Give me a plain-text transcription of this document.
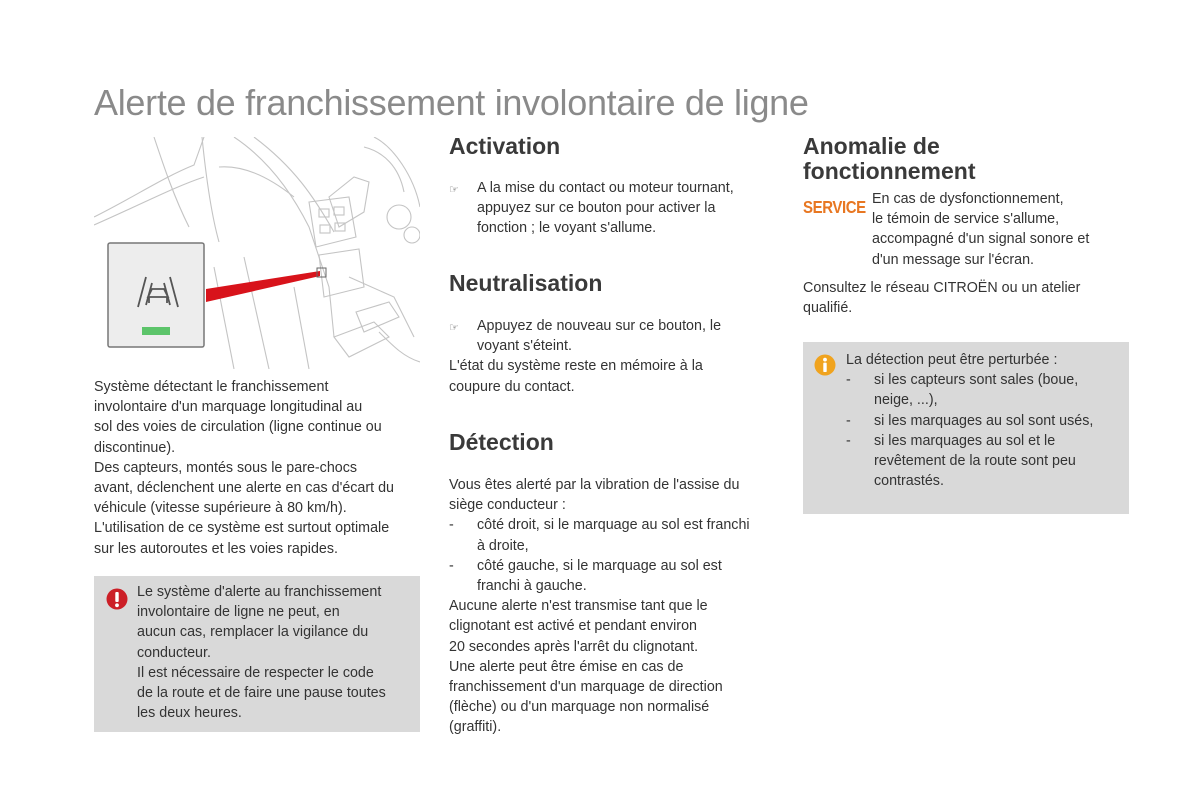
Alerte de franchissement involontaire de ligne

Système détectant le franchissement

involontaire d'un marquage longitudinal au

sol des voies de circulation (ligne continue ou

discontinue).

Des capteurs, montés sous le pare-chocs

avant, déclenchent une alerte en cas d'écart du

véhicule (vitesse supérieure à 80 km/h).

L'utilisation de ce système est surtout optimale

sur les autoroutes et les voies rapides.

Le système d'alerte au franchissement

involontaire de ligne ne peut, en

aucun cas, remplacer la vigilance du

conducteur.

Il est nécessaire de respecter le code

de la route et de faire une pause toutes

les deux heures.

Activation
☞	A la mise du contact ou moteur tournant,

appuyez sur ce bouton pour activer la

fonction ; le voyant s'allume.

Neutralisation
☞	Appuyez de nouveau sur ce bouton, le

voyant s'éteint.

L'état du système reste en mémoire à la

coupure du contact.

Détection

Vous êtes alerté par la vibration de l'assise du

siège conducteur :

-	côté droit, si le marquage au sol est franchi

à droite,

-	côté gauche, si le marquage au sol est

franchi à gauche.

Aucune alerte n'est transmise tant que le

clignotant est activé et pendant environ

20 secondes après l'arrêt du clignotant.

Une alerte peut être émise en cas de

franchissement d'un marquage de direction

(flèche) ou d'un marquage non normalisé

(graffiti).

Anomalie de
fonctionnement
SERVICE En cas de dysfonctionnement,

le témoin de service s'allume,

accompagné d'un signal sonore et

d'un message sur l'écran.

Consultez le réseau CITROËN ou un atelier

qualifié.

La détection peut être perturbée :

-	si les capteurs sont sales (boue,

neige, ...),

-	si les marquages au sol sont usés,

-	si les marquages au sol et le

revêtement de la route sont peu

contrastés.
